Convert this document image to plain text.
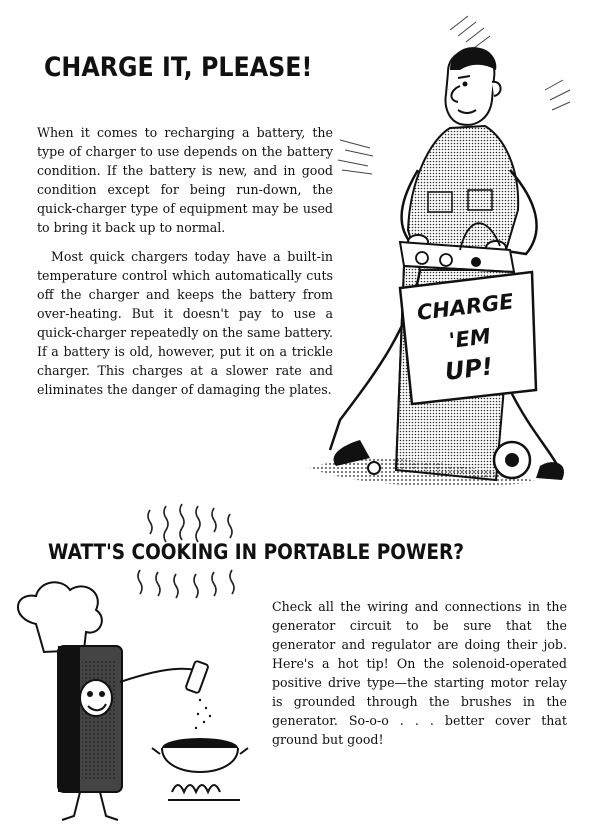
CHARGE IT, PLEASE!
When it comes to recharging a battery, the type of charger to use depends on the battery condition. If the battery is new, and in good condition except for being run-down, the quick-charger type of equipment may be used to bring it back up to normal.
Most quick chargers today have a built-in temperature control which automatically cuts off the charger and keeps the battery from over-heating. But it doesn't pay to use a quick-charger repeatedly on the same battery. If a battery is old, however, put it on a trickle charger. This charges at a slower rate and eliminates the danger of damaging the plates.
CHARGE
'EM
UP!
WATT'S COOKING IN PORTABLE POWER?
Check all the wiring and connections in the generator circuit to be sure that the generator and regulator are doing their job. Here's a hot tip! On the solenoid-operated positive drive type—the starting motor relay is grounded through the brushes in the generator. So-o-o . . . better cover that ground but good!
